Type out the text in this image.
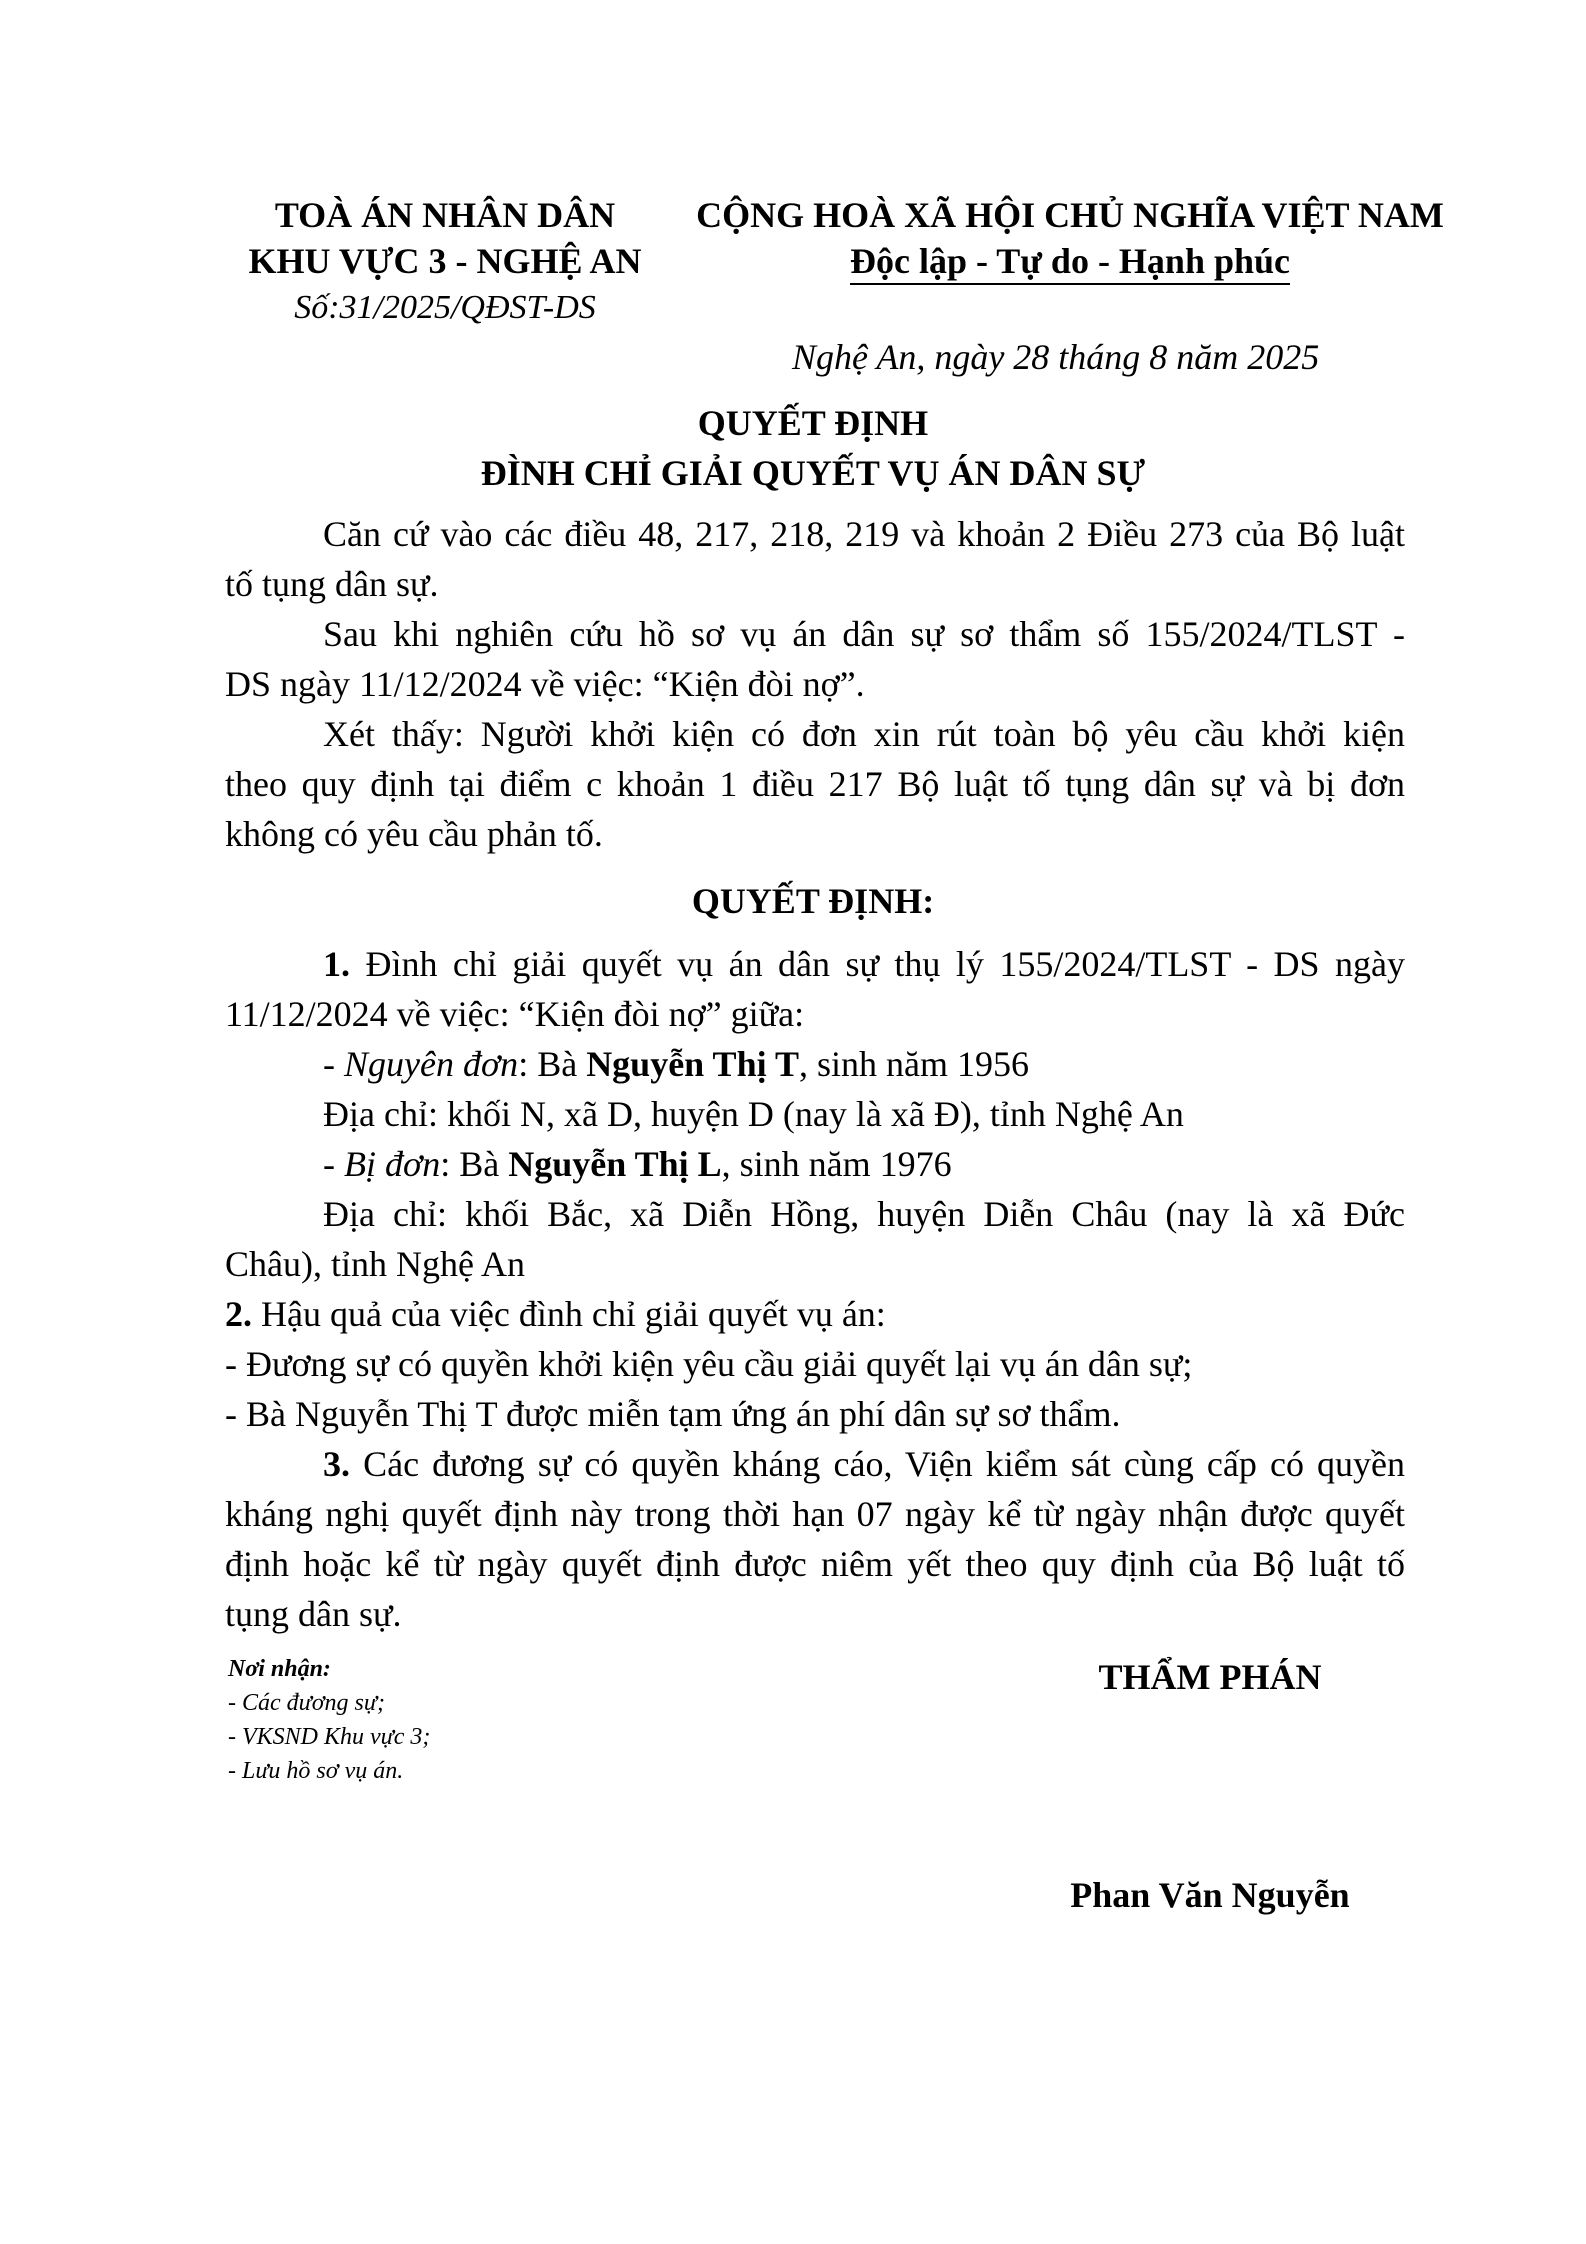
TOÀ ÁN NHÂN DÂN
KHU VỰC 3 - NGHỆ AN
Số:31/2025/QĐST-DS
CỘNG HOÀ XÃ HỘI CHỦ NGHĨA VIỆT NAM
Độc lập - Tự do - Hạnh phúc
Nghệ An, ngày 28 tháng 8 năm 2025
QUYẾT ĐỊNH
ĐÌNH CHỈ GIẢI QUYẾT VỤ ÁN DÂN SỰ
Căn cứ vào các điều 48, 217, 218, 219 và khoản 2 Điều 273 của Bộ luật
tố tụng dân sự.
Sau khi nghiên cứu hồ sơ vụ án dân sự sơ thẩm số 155/2024/TLST -
DS ngày 11/12/2024 về việc: “Kiện đòi nợ”.
Xét thấy: Người khởi kiện có đơn xin rút toàn bộ yêu cầu khởi kiện
theo quy định tại điểm c khoản 1 điều 217 Bộ luật tố tụng dân sự và bị đơn
không có yêu cầu phản tố.
QUYẾT ĐỊNH:
1. Đình chỉ giải quyết vụ án dân sự thụ lý 155/2024/TLST - DS ngày
11/12/2024 về việc: “Kiện đòi nợ” giữa:
- Nguyên đơn: Bà Nguyễn Thị T, sinh năm 1956
Địa chỉ: khối N, xã D, huyện D (nay là xã Đ), tỉnh Nghệ An
- Bị đơn: Bà Nguyễn Thị L, sinh năm 1976
Địa chỉ: khối Bắc, xã Diễn Hồng, huyện Diễn Châu (nay là xã Đức
Châu), tỉnh Nghệ An
2. Hậu quả của việc đình chỉ giải quyết vụ án:
- Đương sự có quyền khởi kiện yêu cầu giải quyết lại vụ án dân sự;
- Bà Nguyễn Thị T được miễn tạm ứng án phí dân sự sơ thẩm.
3. Các đương sự có quyền kháng cáo, Viện kiểm sát cùng cấp có quyền
kháng nghị quyết định này trong thời hạn 07 ngày kể từ ngày nhận được quyết
định hoặc kể từ ngày quyết định được niêm yết theo quy định của Bộ luật tố
tụng dân sự.
Nơi nhận:
- Các đương sự;
- VKSND Khu vực 3;
- Lưu hồ sơ vụ án.
THẨM PHÁN
Phan Văn Nguyễn
